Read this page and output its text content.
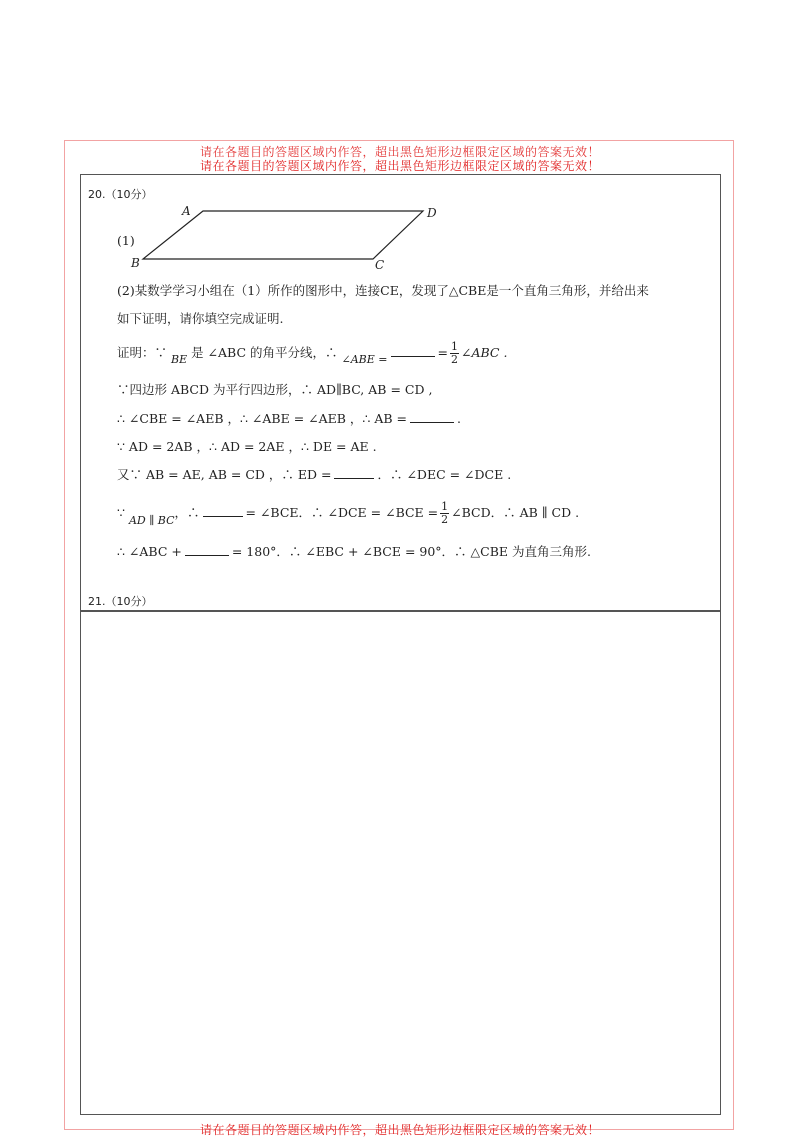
请在各题目的答题区域内作答，超出黑色矩形边框限定区域的答案无效！
请在各题目的答题区域内作答，超出黑色矩形边框限定区域的答案无效！
20.（10分）
(1)
A	D
B	C
(2)某数学学习小组在（1）所作的图形中，连接CE，发现了△CBE是一个直角三角形，并给出来
如下证明，请你填空完成证明.
证明：∵ BE 是 ∠ABC 的角平分线，∴ ∠ABE =	= $\frac{1}{2}$ ∠ABC .
∵四边形 ABCD 为平行四边形，∴ AD∥BC, AB = CD ,
∴ ∠CBE = ∠AEB ，∴ ∠ABE = ∠AEB ，∴ AB =	.
∵ AD = 2AB ，∴ AD = 2AE ，∴ DE = AE .
又∵ AB = AE, AB = CD ，∴ ED =	．∴ ∠DEC = ∠DCE .
∵ AD ∥ BC，∴	= ∠BCE．∴ ∠DCE = ∠BCE = $\frac{1}{2}$ ∠BCD．∴ AB ∥ CD .
∴ ∠ABC +	= 180°．∴ ∠EBC + ∠BCE = 90°．∴ △CBE 为直角三角形.
21.（10分）
请在各题目的答题区域内作答，超出黑色矩形边框限定区域的答案无效！
